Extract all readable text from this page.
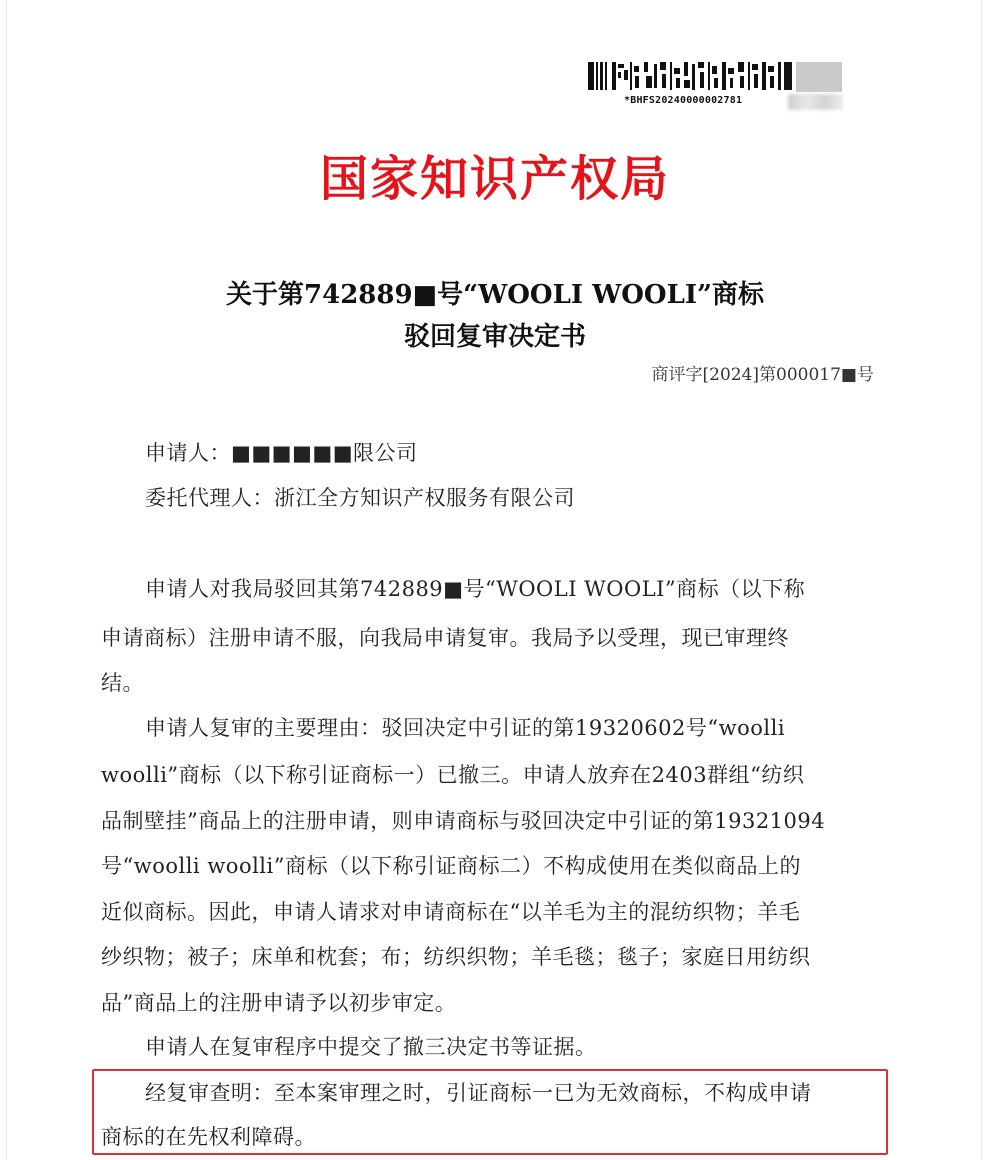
*BHFS20240000002781
国家知识产权局
关于第742889■号“WOOLI WOOLI”商标
驳回复审决定书
商评字[2024]第000017■号
申请人：■■■■■■限公司
委托代理人：浙江全方知识产权服务有限公司
申请人对我局驳回其第742889■号“WOOLI WOOLI”商标（以下称
申请商标）注册申请不服，向我局申请复审。我局予以受理，现已审理终
结。
申请人复审的主要理由：驳回决定中引证的第19320602号“woolli
woolli”商标（以下称引证商标一）已撤三。申请人放弃在2403群组“纺织
品制壁挂”商品上的注册申请，则申请商标与驳回决定中引证的第19321094
号“woolli woolli”商标（以下称引证商标二）不构成使用在类似商品上的
近似商标。因此，申请人请求对申请商标在“以羊毛为主的混纺织物；羊毛
纱织物；被子；床单和枕套；布；纺织织物；羊毛毯；毯子；家庭日用纺织
品”商品上的注册申请予以初步审定。
申请人在复审程序中提交了撤三决定书等证据。
经复审查明：至本案审理之时，引证商标一已为无效商标，不构成申请
商标的在先权利障碍。
